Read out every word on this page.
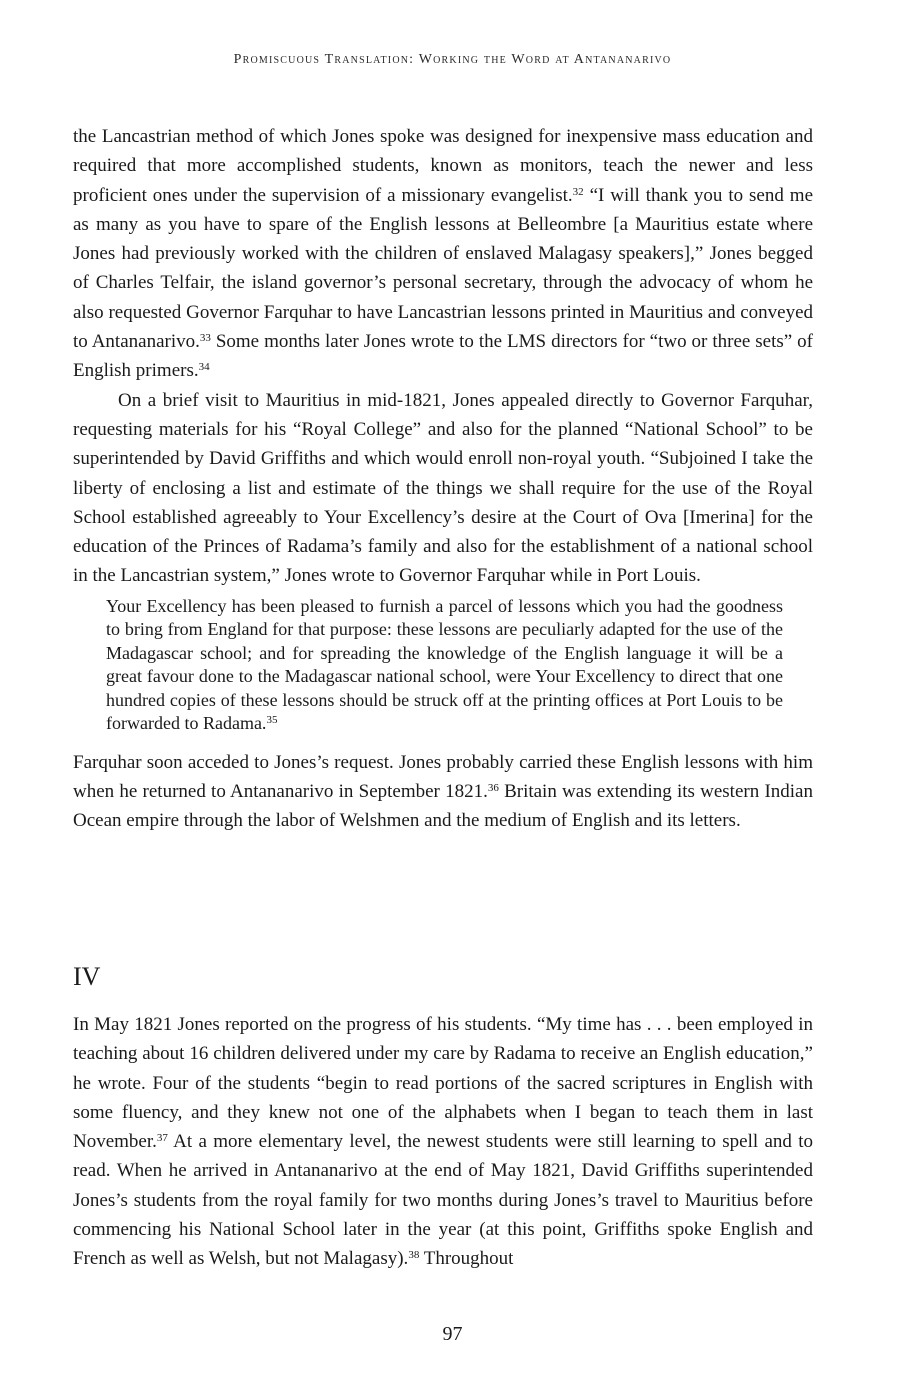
Promiscuous Translation: Working the Word at Antananarivo

the Lancastrian method of which Jones spoke was designed for inexpensive mass education and required that more accomplished students, known as monitors, teach the newer and less proficient ones under the supervision of a missionary evangelist.$^{32}$ “I will thank you to send me as many as you have to spare of the English lessons at Belleombre [a Mauritius estate where Jones had previously worked with the children of enslaved Malagasy speakers],” Jones begged of Charles Telfair, the island governor’s personal secretary, through the advocacy of whom he also requested Governor Farquhar to have Lancastrian lessons printed in Mauritius and conveyed to Antananarivo.$^{33}$ Some months later Jones wrote to the LMS directors for “two or three sets” of English primers.$^{34}$

On a brief visit to Mauritius in mid-1821, Jones appealed directly to Governor Farquhar, requesting materials for his “Royal College” and also for the planned “National School” to be superintended by David Griffiths and which would enroll non-royal youth. “Subjoined I take the liberty of enclosing a list and estimate of the things we shall require for the use of the Royal School established agreeably to Your Excellency’s desire at the Court of Ova [Imerina] for the education of the Princes of Radama’s family and also for the establishment of a national school in the Lancastrian system,” Jones wrote to Governor Farquhar while in Port Louis.

Your Excellency has been pleased to furnish a parcel of lessons which you had the goodness to bring from England for that purpose: these lessons are peculiarly adapted for the use of the Madagascar school; and for spreading the knowledge of the English language it will be a great favour done to the Madagascar national school, were Your Excellency to direct that one hundred copies of these lessons should be struck off at the printing offices at Port Louis to be forwarded to Radama.$^{35}$

Farquhar soon acceded to Jones’s request. Jones probably carried these English lessons with him when he returned to Antananarivo in September 1821.36 Britain was extending its western Indian Ocean empire through the labor of Welshmen and the medium of English and its letters.

IV

In May 1821 Jones reported on the progress of his students. “My time has . . . been employed in teaching about 16 children delivered under my care by Radama to receive an English education,” he wrote. Four of the students “begin to read portions of the sacred scriptures in English with some fluency, and they knew not one of the alphabets when I began to teach them in last November.$^{37}$ At a more elementary level, the newest students were still learning to spell and to read. When he arrived in Antananarivo at the end of May 1821, David Griffiths superintended Jones’s students from the royal family for two months during Jones’s travel to Mauritius before commencing his National School later in the year (at this point, Griffiths spoke English and French as well as Welsh, but not Malagasy).$^{38}$ Throughout

97
